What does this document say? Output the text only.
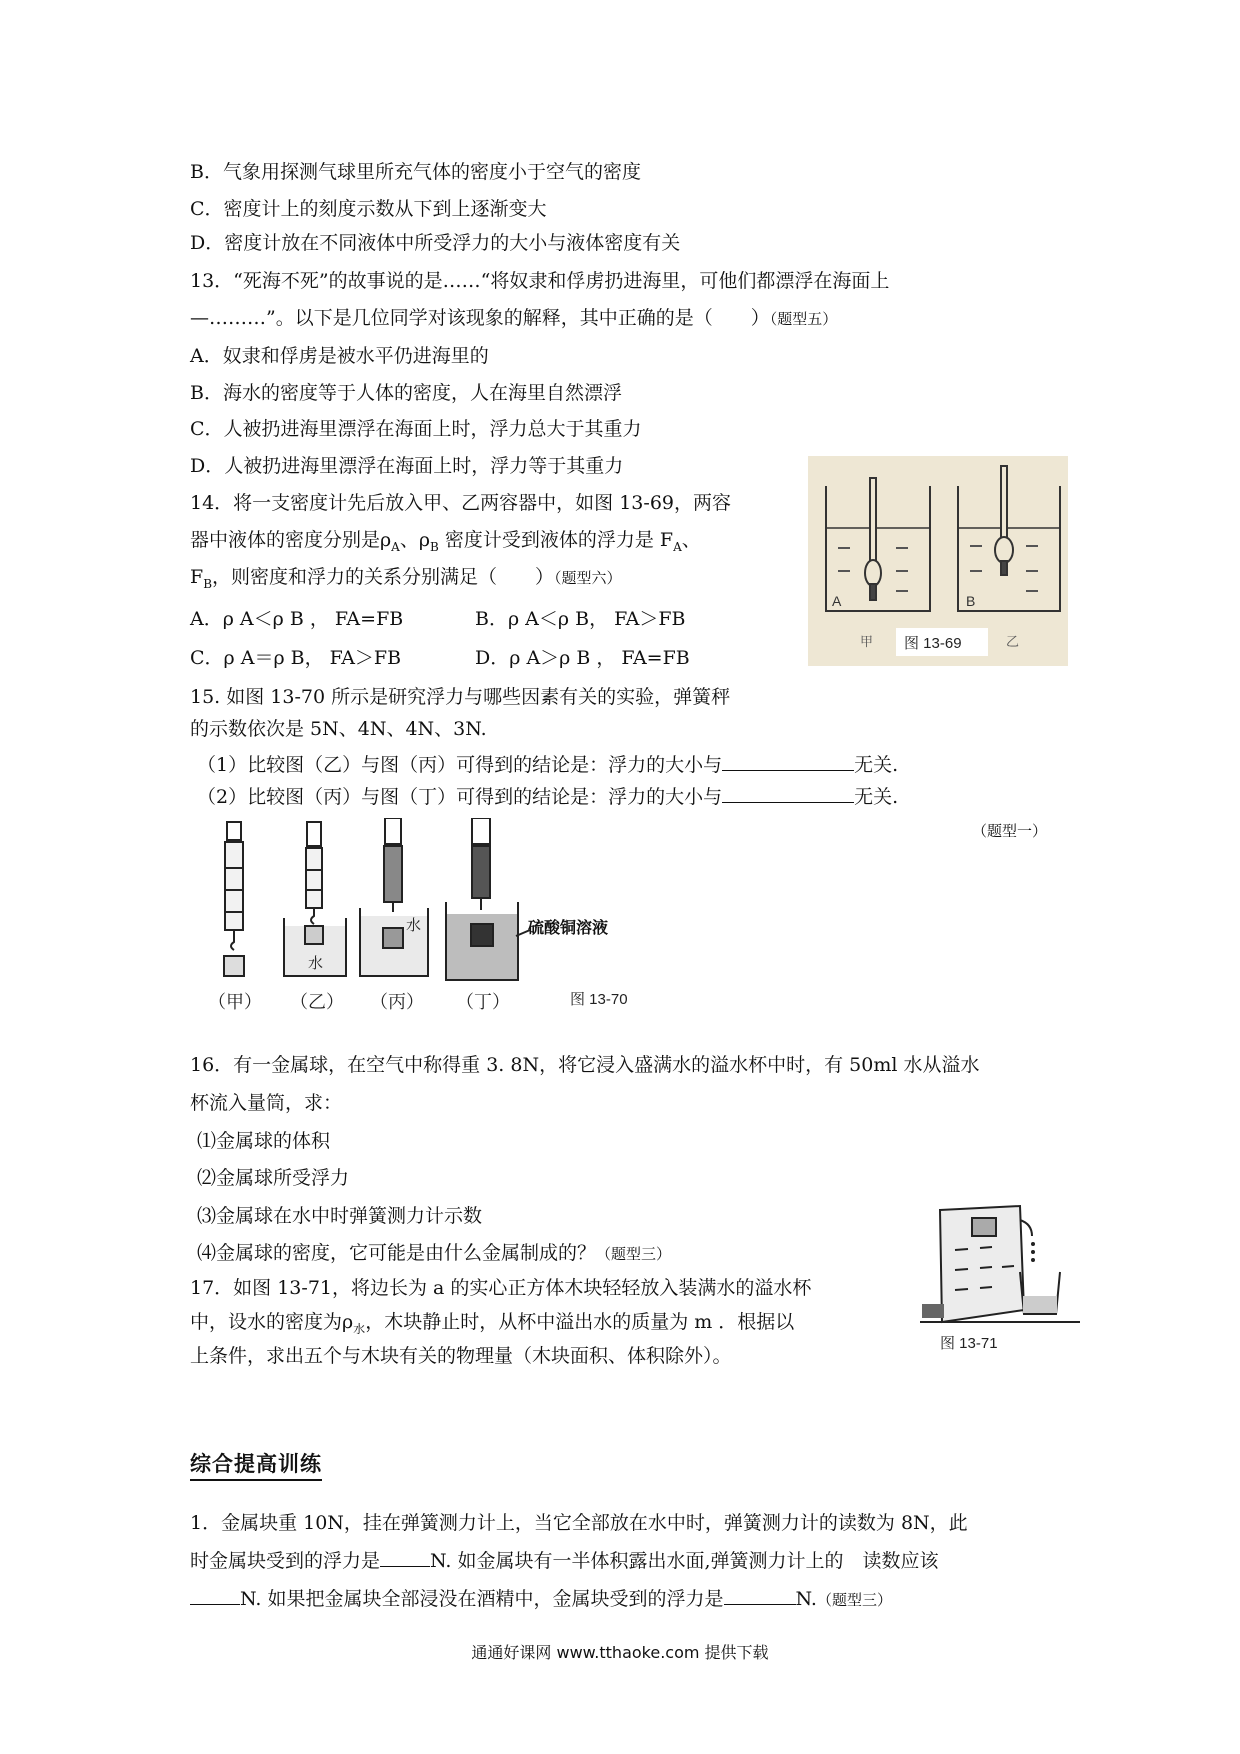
B．气象用探测气球里所充气体的密度小于空气的密度
C．密度计上的刻度示数从下到上逐渐变大
D．密度计放在不同液体中所受浮力的大小与液体密度有关
13．“死海不死”的故事说的是……“将奴隶和俘虏扔进海里，可他们都漂浮在海面上
—………”。以下是几位同学对该现象的解释，其中正确的是（　　）（题型五）
A．奴隶和俘虏是被水平仍进海里的
B．海水的密度等于人体的密度，人在海里自然漂浮
C．人被扔进海里漂浮在海面上时，浮力总大于其重力
D．人被扔进海里漂浮在海面上时，浮力等于其重力
14．将一支密度计先后放入甲、乙两容器中，如图 13-69，两容
器中液体的密度分别是$\rho_A$、$\rho_B$ 密度计受到液体的浮力是 $F_A$、
$F_B$，则密度和浮力的关系分别满足（　　）（题型六）
A．ρ A＜ρ B ， FA=FB	B．ρ A＜ρ B， FA＞FB
C．ρ A＝ρ B， FA＞FB	D．ρ A＞ρ B ， FA=FB
A	B
甲	乙
图 13-69
15. 如图 13-70 所示是研究浮力与哪些因素有关的实验，弹簧秤
的示数依次是 5N、4N、4N、3N.
（1）比较图（乙）与图（丙）可得到的结论是：浮力的大小与	无关.
（2）比较图（丙）与图（丁）可得到的结论是：浮力的大小与	无关.
（题型一）
水
水	硫酸铜溶液
（甲） （乙） （丙） （丁）	图 13-70
16．有一金属球，在空气中称得重 3. 8N，将它浸入盛满水的溢水杯中时，有 50ml 水从溢水
杯流入量筒，求：
⑴金属球的体积
⑵金属球所受浮力
⑶金属球在水中时弹簧测力计示数
⑷金属球的密度，它可能是由什么金属制成的？（题型三）
17．如图 13-71，将边长为 a 的实心正方体木块轻轻放入装满水的溢水杯
中，设水的密度为$\rho_水$，木块静止时，从杯中溢出水的质量为 m ．根据以
上条件，求出五个与木块有关的物理量（木块面积、体积除外）。
图 13-71
综合提高训练
1．金属块重 10N，挂在弹簧测力计上，当它全部放在水中时，弹簧测力计的读数为 8N，此
时金属块受到的浮力是	N. 如金属块有一半体积露出水面,弹簧测力计上的　读数应该
N. 如果把金属块全部浸没在酒精中，金属块受到的浮力是	N.（题型三）
通通好课网 www.tthaoke.com 提供下载
